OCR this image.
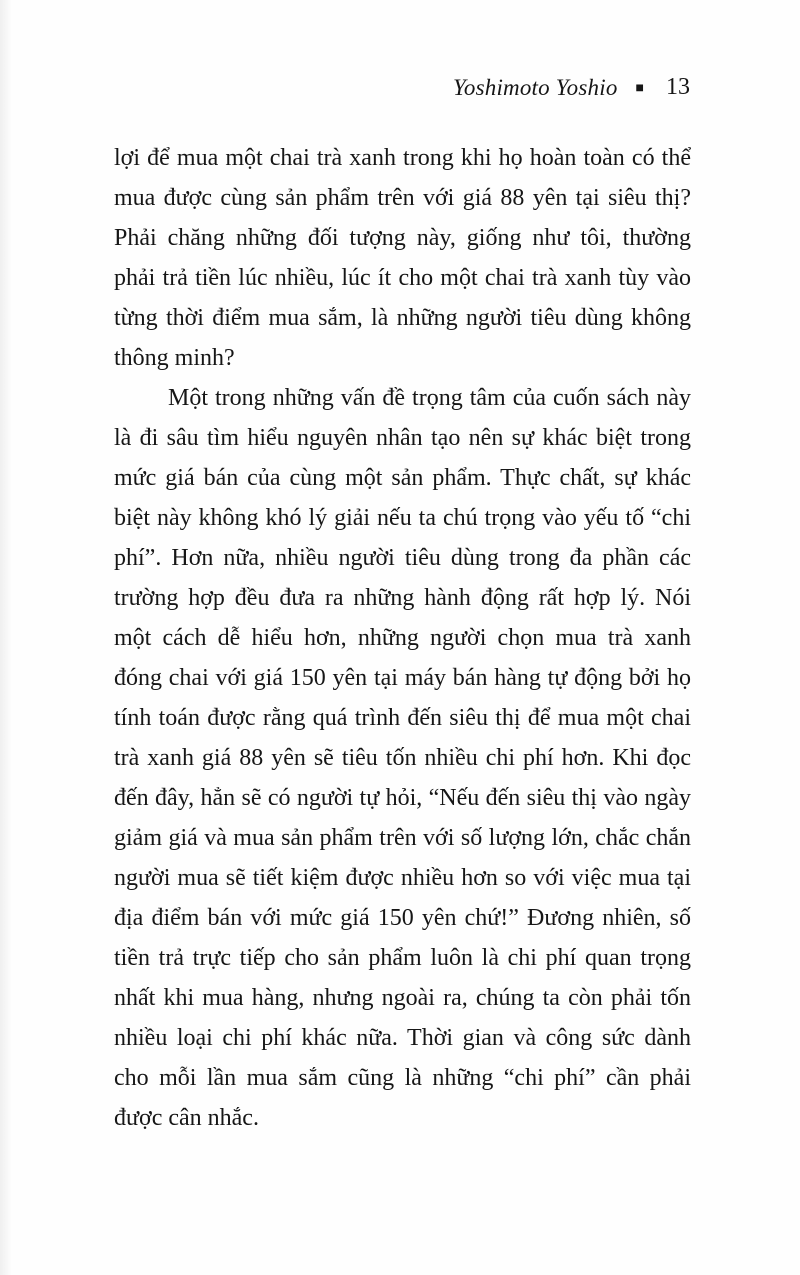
Yoshimoto Yoshio ■ 13

lợi để mua một chai trà xanh trong khi họ hoàn toàn có thể mua được cùng sản phẩm trên với giá 88 yên tại siêu thị? Phải chăng những đối tượng này, giống như tôi, thường phải trả tiền lúc nhiều, lúc ít cho một chai trà xanh tùy vào từng thời điểm mua sắm, là những người tiêu dùng không thông minh?

Một trong những vấn đề trọng tâm của cuốn sách này là đi sâu tìm hiểu nguyên nhân tạo nên sự khác biệt trong mức giá bán của cùng một sản phẩm. Thực chất, sự khác biệt này không khó lý giải nếu ta chú trọng vào yếu tố “chi phí”. Hơn nữa, nhiều người tiêu dùng trong đa phần các trường hợp đều đưa ra những hành động rất hợp lý. Nói một cách dễ hiểu hơn, những người chọn mua trà xanh đóng chai với giá 150 yên tại máy bán hàng tự động bởi họ tính toán được rằng quá trình đến siêu thị để mua một chai trà xanh giá 88 yên sẽ tiêu tốn nhiều chi phí hơn. Khi đọc đến đây, hẳn sẽ có người tự hỏi, “Nếu đến siêu thị vào ngày giảm giá và mua sản phẩm trên với số lượng lớn, chắc chắn người mua sẽ tiết kiệm được nhiều hơn so với việc mua tại địa điểm bán với mức giá 150 yên chứ!” Đương nhiên, số tiền trả trực tiếp cho sản phẩm luôn là chi phí quan trọng nhất khi mua hàng, nhưng ngoài ra, chúng ta còn phải tốn nhiều loại chi phí khác nữa. Thời gian và công sức dành cho mỗi lần mua sắm cũng là những “chi phí” cần phải được cân nhắc.
